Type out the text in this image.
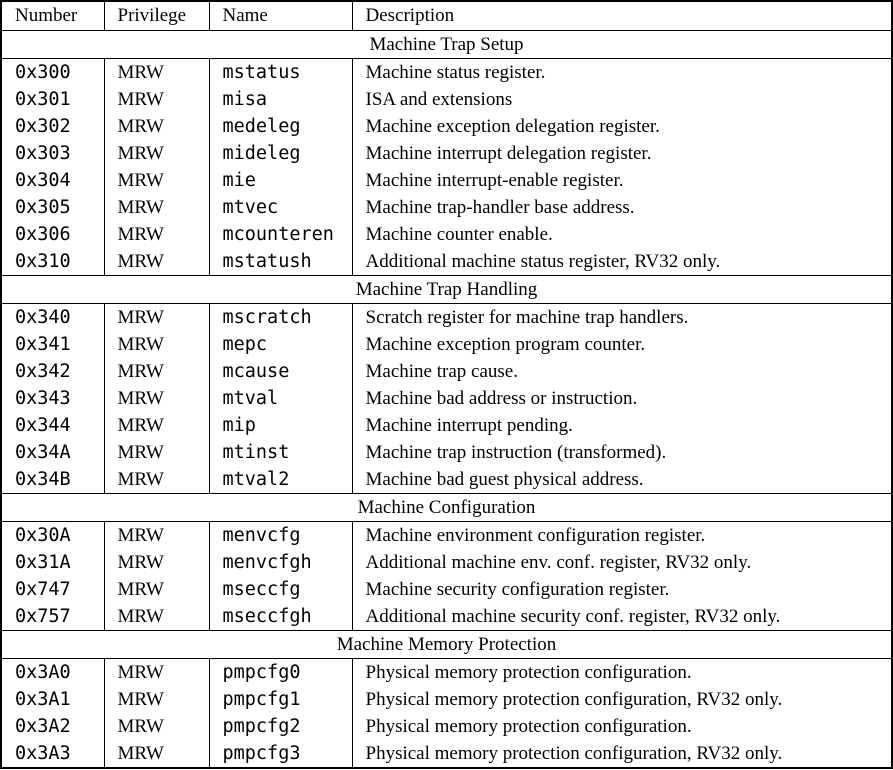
Number	Privilege	Name	Description
Machine Trap Setup			
0x300	MRW	mstatus	Machine status register.
0x301	MRW	misa	ISA and extensions
0x302	MRW	medeleg	Machine exception delegation register.
0x303	MRW	mideleg	Machine interrupt delegation register.
0x304	MRW	mie	Machine interrupt-enable register.
0x305	MRW	mtvec	Machine trap-handler base address.
0x306	MRW	mcounteren	Machine counter enable.
0x310	MRW	mstatush	Additional machine status register, RV32 only.
Machine Trap Handling			
0x340	MRW	mscratch	Scratch register for machine trap handlers.
0x341	MRW	mepc	Machine exception program counter.
0x342	MRW	mcause	Machine trap cause.
0x343	MRW	mtval	Machine bad address or instruction.
0x344	MRW	mip	Machine interrupt pending.
0x34A	MRW	mtinst	Machine trap instruction (transformed).
0x34B	MRW	mtval2	Machine bad guest physical address.
Machine Configuration			
0x30A	MRW	menvcfg	Machine environment configuration register.
0x31A	MRW	menvcfgh	Additional machine env. conf. register, RV32 only.
0x747	MRW	mseccfg	Machine security configuration register.
0x757	MRW	mseccfgh	Additional machine security conf. register, RV32 only.
Machine Memory Protection			
0x3A0	MRW	pmpcfg0	Physical memory protection configuration.
0x3A1	MRW	pmpcfg1	Physical memory protection configuration, RV32 only.
0x3A2	MRW	pmpcfg2	Physical memory protection configuration.
0x3A3	MRW	pmpcfg3	Physical memory protection configuration, RV32 only.
